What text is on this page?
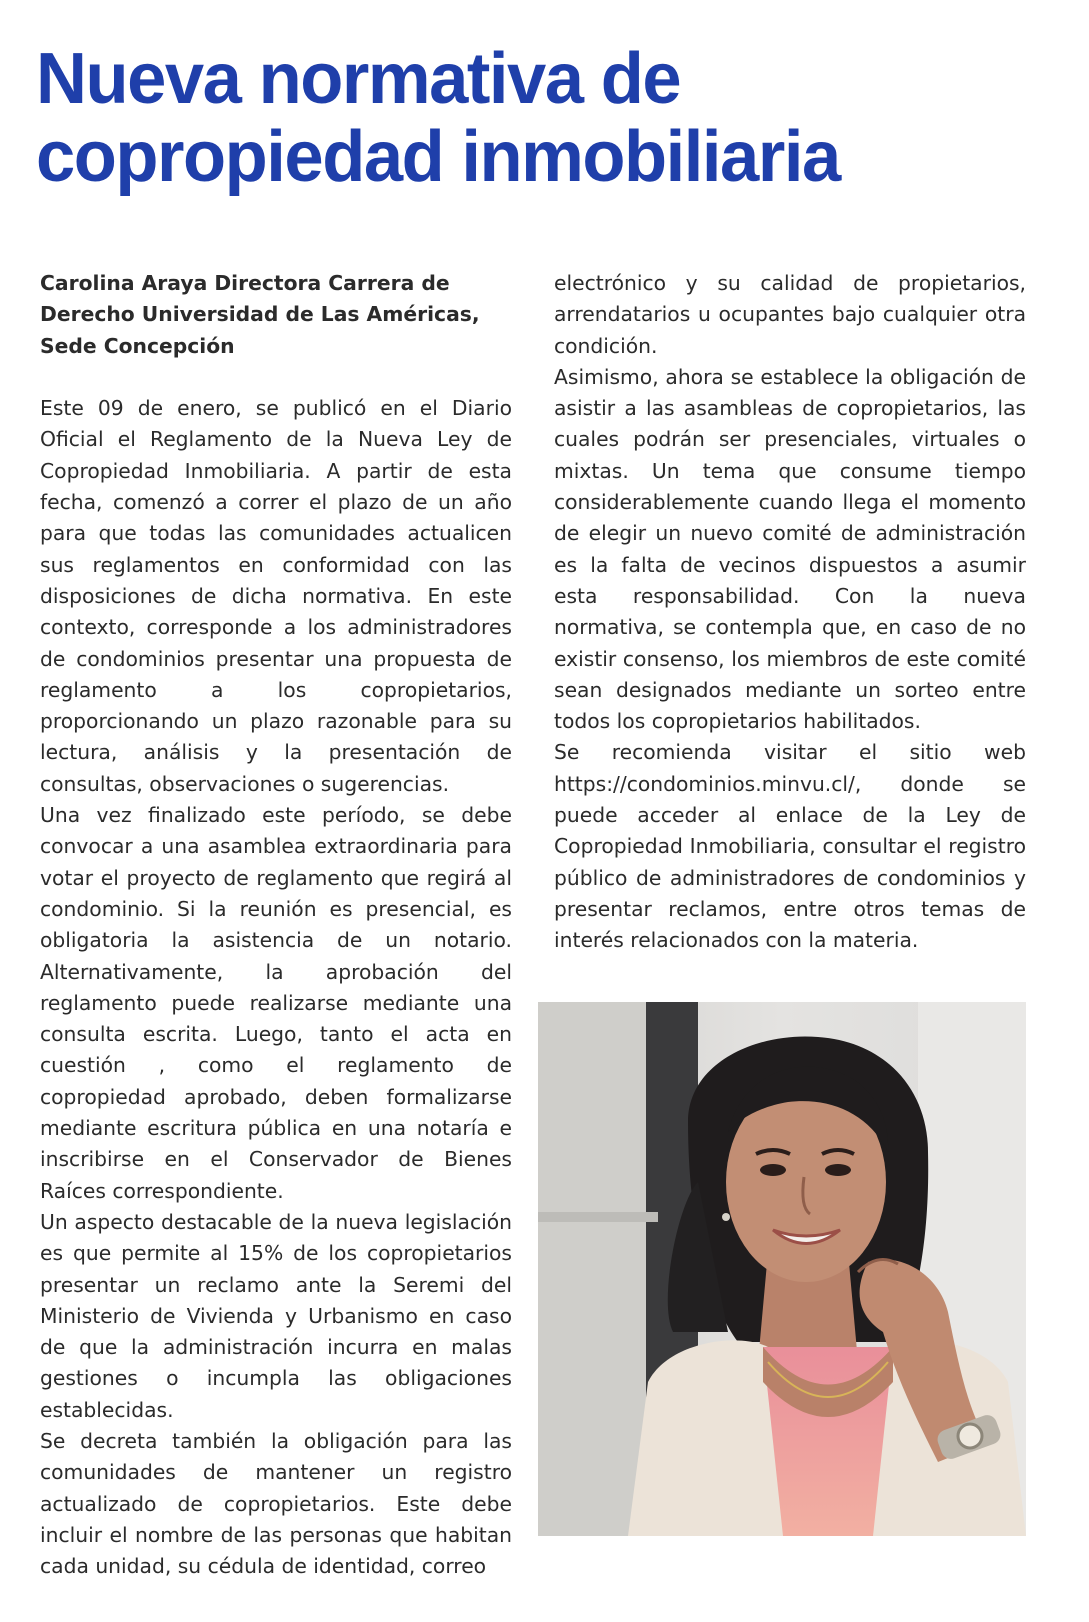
Nueva normativa de
copropiedad inmobiliaria

Carolina Araya Directora Carrera de Derecho Universidad de Las Américas, Sede Concepción

Este 09 de enero, se publicó en el Diario Oficial el Reglamento de la Nueva Ley de Copropiedad Inmobiliaria. A partir de esta fecha, comenzó a correr el plazo de un año para que todas las comunidades actualicen sus reglamentos en conformidad con las disposiciones de dicha normativa. En este contexto, corresponde a los administradores de condominios presentar una propuesta de reglamento a los copropietarios, proporcionando un plazo razonable para su lectura, análisis y la presentación de consultas, observaciones o sugerencias.

Una vez finalizado este período, se debe convocar a una asamblea extraordinaria para votar el proyecto de reglamento que regirá al condominio. Si la reunión es presencial, es obligatoria la asistencia de un notario. Alternativamente, la aprobación del reglamento puede realizarse mediante una consulta escrita. Luego, tanto el acta en cuestión , como el reglamento de copropiedad aprobado, deben formalizarse mediante escritura pública en una notaría e inscribirse en el Conservador de Bienes Raíces correspondiente.

Un aspecto destacable de la nueva legislación es que permite al 15% de los copropietarios presentar un reclamo ante la Seremi del Ministerio de Vivienda y Urbanismo en caso de que la administración incurra en malas gestiones o incumpla las obligaciones establecidas.

Se decreta también la obligación para las comunidades de mantener un registro actualizado de copropietarios. Este debe incluir el nombre de las personas que habitan cada unidad, su cédula de identidad, correo

electrónico y su calidad de propietarios, arrendatarios u ocupantes bajo cualquier otra condición.

Asimismo, ahora se establece la obligación de asistir a las asambleas de copropietarios, las cuales podrán ser presenciales, virtuales o mixtas. Un tema que consume tiempo considerablemente cuando llega el momento de elegir un nuevo comité de administración es la falta de vecinos dispuestos a asumir esta responsabilidad. Con la nueva normativa, se contempla que, en caso de no existir consenso, los miembros de este comité sean designados mediante un sorteo entre todos los copropietarios habilitados.

Se recomienda visitar el sitio web https://condominios.minvu.cl/, donde se puede acceder al enlace de la Ley de Copropiedad Inmobiliaria, consultar el registro público de administradores de condominios y presentar reclamos, entre otros temas de interés relacionados con la materia.
